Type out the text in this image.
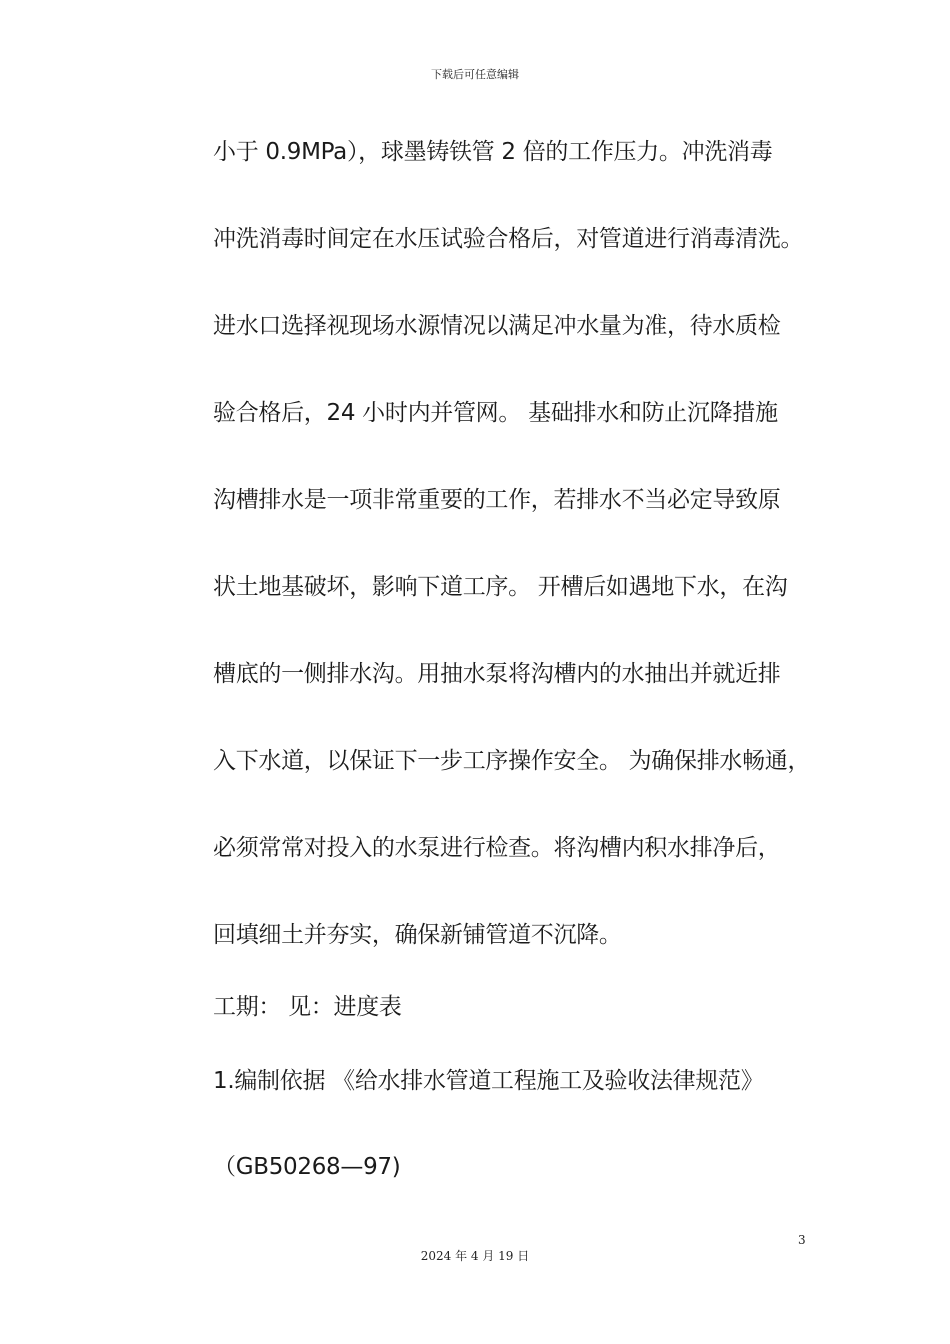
下载后可任意编辑
小于 0.9MPa），球墨铸铁管 2 倍的工作压力。冲洗消毒
冲洗消毒时间定在水压试验合格后，对管道进行消毒清洗。
进水口选择视现场水源情况以满足冲水量为准，待水质检
验合格后，24 小时内并管网。 基础排水和防止沉降措施
沟槽排水是一项非常重要的工作，若排水不当必定导致原
状土地基破坏，影响下道工序。 开槽后如遇地下水，在沟
槽底的一侧排水沟。用抽水泵将沟槽内的水抽出并就近排
入下水道，以保证下一步工序操作安全。 为确保排水畅通，
必须常常对投入的水泵进行检查。将沟槽内积水排净后，
回填细土并夯实，确保新铺管道不沉降。
工期： 见：进度表
1.编制依据 《给水排水管道工程施工及验收法律规范》
（GB50268—97)
3
2024 年 4 月 19 日
